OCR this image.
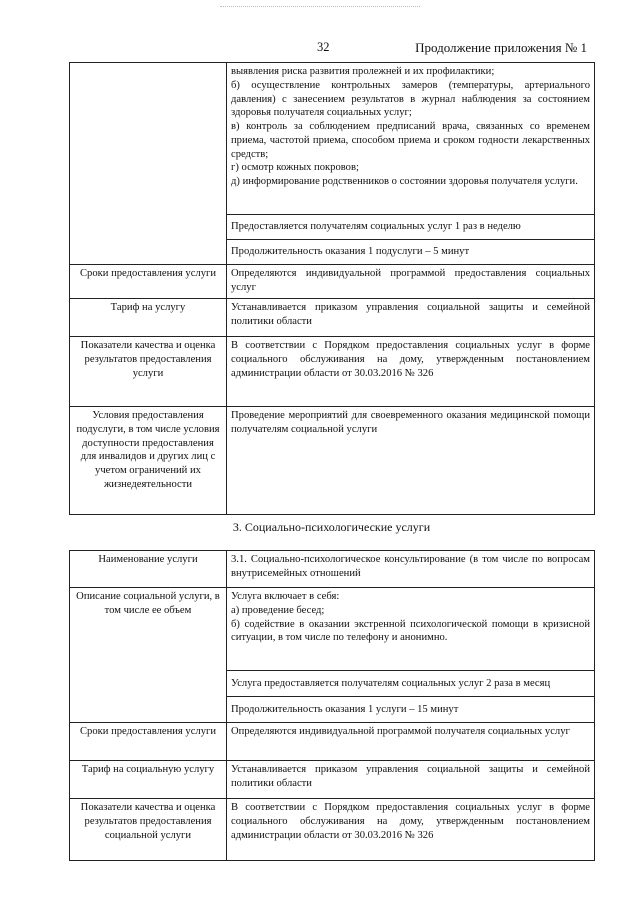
32	Продолжение приложения № 1

	выявления риска развития пролежней и их профилактики;
б) осуществление контрольных замеров (температуры, артериального давления) с занесением результатов в журнал наблюдения за состоянием здоровья получателя социальных услуг;
в) контроль за соблюдением предписаний врача, связанных со временем приема, частотой приема, способом приема и сроком годности лекарственных средств;
г) осмотр кожных покровов;
д) информирование родственников о состоянии здоровья получателя услуги.

	Предоставляется получателям социальных услуг 1 раз в неделю
	Продолжительность оказания 1 подуслуги – 5 минут
Сроки предоставления услуги	Определяются индивидуальной программой предоставления социальных услуг
Тариф на услугу	Устанавливается приказом управления социальной защиты и семейной политики области
Показатели качества и оценка результатов предоставления услуги	В соответствии с Порядком предоставления социальных услуг в форме социального обслуживания на дому, утвержденным постановлением администрации области от 30.03.2016 № 326
Условия предоставления подуслуги, в том числе условия доступности предоставления для инвалидов и других лиц с учетом ограничений их жизнедеятельности	Проведение мероприятий для своевременного оказания медицинской помощи получателям социальной услуги
3. Социально-психологические услуги
Наименование услуги	3.1. Социально-психологическое консультирование (в том числе по вопросам внутрисемейных отношений
Описание социальной услуги, в том числе ее объем	Услуга включает в себя:
а) проведение бесед;
б) содействие в оказании экстренной психологической помощи в кризисной ситуации, в том числе по телефону и анонимно.

	Услуга предоставляется получателям социальных услуг 2 раза в месяц
	Продолжительность оказания 1 услуги – 15 минут
Сроки предоставления услуги	Определяются индивидуальной программой получателя социальных услуг
Тариф на социальную услугу	Устанавливается приказом управления социальной защиты и семейной политики области
Показатели качества и оценка результатов предоставления социальной услуги	В соответствии с Порядком предоставления социальных услуг в форме социального обслуживания на дому, утвержденным постановлением администрации области от 30.03.2016 № 326
